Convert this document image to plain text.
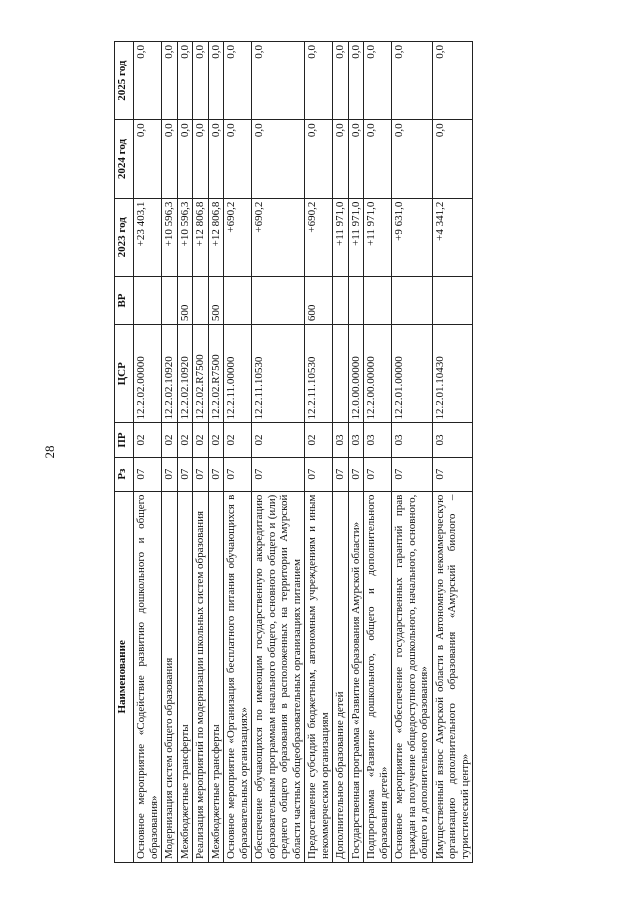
28
Наименование	Рз	ПР	ЦСР	ВР	2023 год	2024 год	2025 год
Основное мероприятие «Содействие развитию дошкольного и общего образования»	07	02	12.2.02.00000		+23 403,1	0,0	0,0
Модернизация систем общего образования	07	02	12.2.02.10920		+10 596,3	0,0	0,0
Межбюджетные трансферты	07	02	12.2.02.10920	500	+10 596,3	0,0	0,0
Реализация мероприятий по модернизации школьных систем образования	07	02	12.2.02.R7500		+12 806,8	0,0	0,0
Межбюджетные трансферты	07	02	12.2.02.R7500	500	+12 806,8	0,0	0,0
Основное мероприятие «Организация бесплатного питания обучающихся в образовательных организациях»	07	02	12.2.11.00000		+690,2	0,0	0,0
Обеспечение обучающихся по имеющим государственную аккредитацию образовательным программам начального общего, основного общего и (или) среднего общего образования в расположенных на территории Амурской области частных общеобразовательных организациях питанием	07	02	12.2.11.10530		+690,2	0,0	0,0
Предоставление субсидий бюджетным, автономным учреждениям и иным некоммерческим организациям	07	02	12.2.11.10530	600	+690,2	0,0	0,0
Дополнительное образование детей	07	03			+11 971,0	0,0	0,0
Государственная программа «Развитие образования Амурской области»	07	03	12.0.00.00000		+11 971,0	0,0	0,0
Подпрограмма «Развитие дошкольного, общего и дополнительного образования детей»	07	03	12.2.00.00000		+11 971,0	0,0	0,0
Основное мероприятие «Обеспечение государственных гарантий прав граждан на получение общедоступного дошкольного, начального, основного, общего и дополнительного образования»	07	03	12.2.01.00000		+9 631,0	0,0	0,0
Имущественный взнос Амурской области в Автономную некоммерческую организацию дополнительного образования «Амурский биолого – туристический центр»	07	03	12.2.01.10430		+4 341,2	0,0	0,0
